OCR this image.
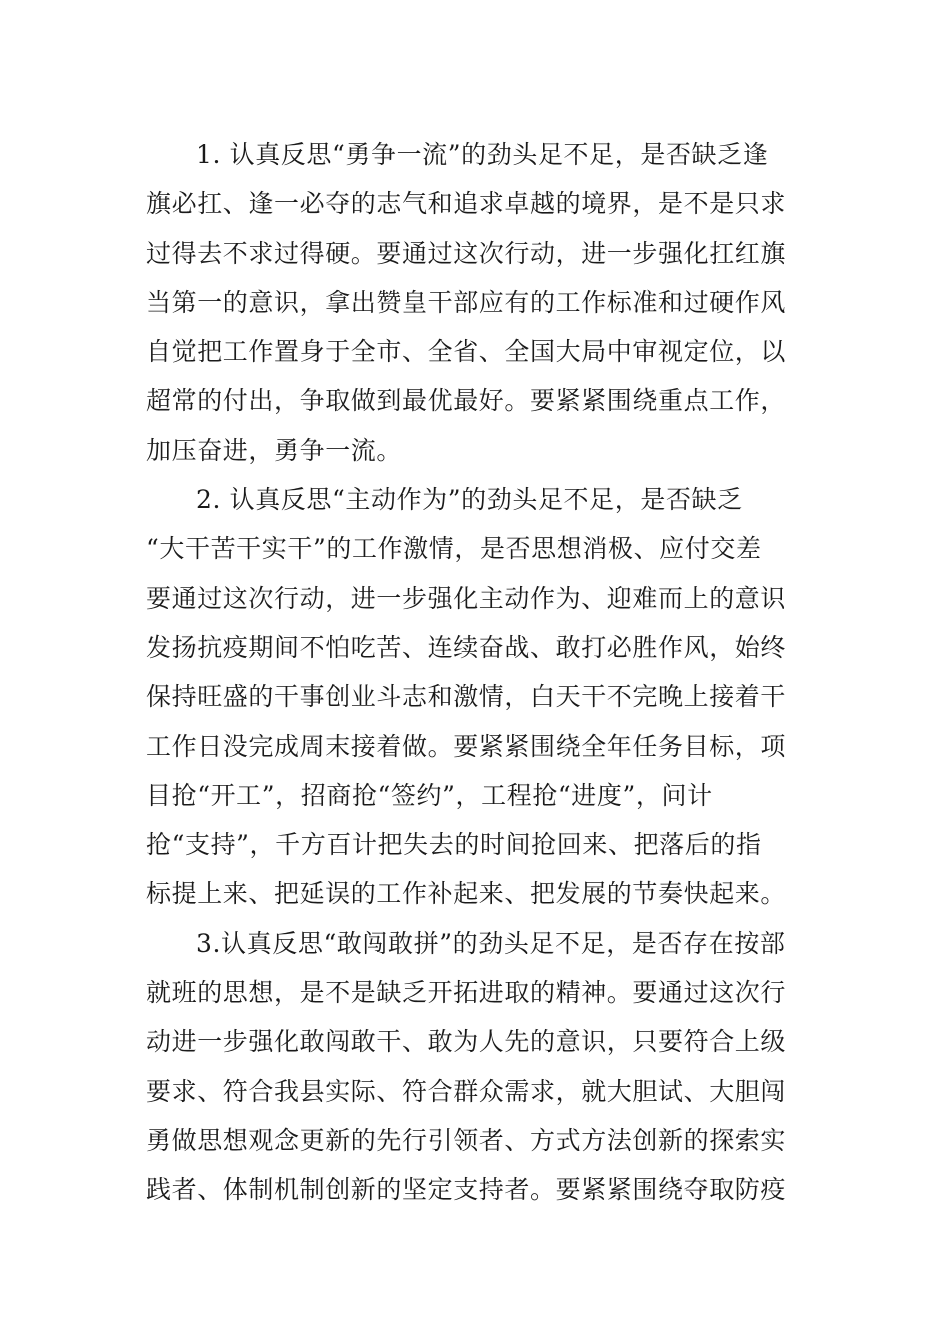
1. 认真反思“勇争一流”的劲头足不足，是否缺乏逢
旗必扛、逢一必夺的志气和追求卓越的境界，是不是只求
过得去不求过得硬。要通过这次行动，进一步强化扛红旗
当第一的意识，拿出赞皇干部应有的工作标准和过硬作风
自觉把工作置身于全市、全省、全国大局中审视定位，以
超常的付出，争取做到最优最好。要紧紧围绕重点工作，
加压奋进，勇争一流。
2. 认真反思“主动作为”的劲头足不足，是否缺乏
“大干苦干实干”的工作激情，是否思想消极、应付交差
要通过这次行动，进一步强化主动作为、迎难而上的意识
发扬抗疫期间不怕吃苦、连续奋战、敢打必胜作风，始终
保持旺盛的干事创业斗志和激情，白天干不完晚上接着干
工作日没完成周末接着做。要紧紧围绕全年任务目标，项
目抢“开工”，招商抢“签约”，工程抢“进度”，问计
抢“支持”，千方百计把失去的时间抢回来、把落后的指
标提上来、把延误的工作补起来、把发展的节奏快起来。
3.认真反思“敢闯敢拼”的劲头足不足，是否存在按部
就班的思想，是不是缺乏开拓进取的精神。要通过这次行
动进一步强化敢闯敢干、敢为人先的意识，只要符合上级
要求、符合我县实际、符合群众需求，就大胆试、大胆闯
勇做思想观念更新的先行引领者、方式方法创新的探索实
践者、体制机制创新的坚定支持者。要紧紧围绕夺取防疫
